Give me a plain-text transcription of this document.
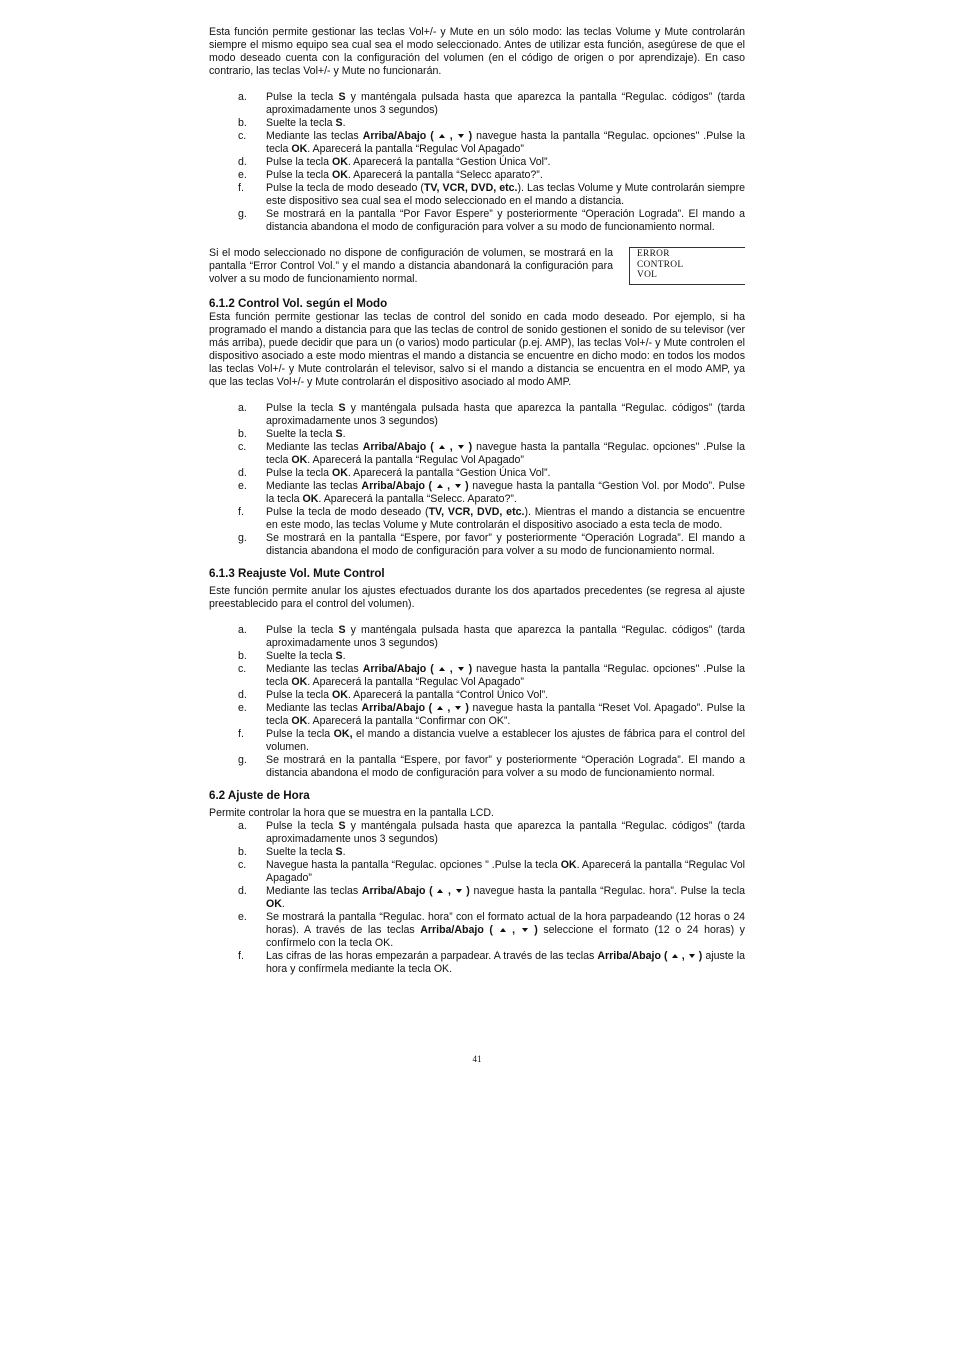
Esta función permite gestionar las teclas Vol+/- y Mute en un sólo modo: las teclas Volume y Mute controlarán siempre el mismo equipo sea cual sea el modo seleccionado. Antes de utilizar esta función, asegúrese de que el modo deseado cuenta con la configuración del volumen (en el código de origen o por aprendizaje). En caso contrario, las teclas Vol+/- y Mute no funcionarán.

a. Pulse la tecla S y manténgala pulsada hasta que aparezca la pantalla “Regulac. códigos” (tarda aproximadamente unos 3 segundos)
b. Suelte la tecla S.
c. Mediante las teclas Arriba/Abajo (  ,  ) navegue hasta la pantalla “Regulac. opciones" .Pulse la tecla OK. Aparecerá la pantalla “Regulac Vol Apagado”
d. Pulse la tecla OK. Aparecerá la pantalla “Gestion Única Vol”.
e. Pulse la tecla OK. Aparecerá la pantalla “Selecc aparato?”.
f. Pulse la tecla de modo deseado (TV, VCR, DVD, etc.). Las teclas Volume y Mute controlarán siempre este dispositivo sea cual sea el modo seleccionado en el mando a distancia.
g. Se mostrará en la pantalla “Por Favor Espere” y posteriormente “Operación Lograda”. El mando a distancia abandona el modo de configuración para volver a su modo de funcionamiento normal.

Si el modo seleccionado no dispone de configuración de volumen, se mostrará en la pantalla “Error Control Vol.” y el mando a distancia abandonará la configuración para volver a su modo de funcionamiento normal.

ERROR
CONTROL
VOL
6.1.2 Control Vol. según el Modo

Esta función permite gestionar las teclas de control del sonido en cada modo deseado. Por ejemplo, si ha programado el mando a distancia para que las teclas de control de sonido gestionen el sonido de su televisor (ver más arriba), puede decidir que para un (o varios) modo particular (p.ej. AMP), las teclas Vol+/- y Mute controlen el dispositivo asociado a este modo mientras el mando a distancia se encuentre en dicho modo: en todos los modos las teclas Vol+/- y Mute controlarán el televisor, salvo si el mando a distancia se encuentra en el modo AMP, ya que las teclas Vol+/- y Mute controlarán el dispositivo asociado al modo AMP.

a. Pulse la tecla S y manténgala pulsada hasta que aparezca la pantalla “Regulac. códigos” (tarda aproximadamente unos 3 segundos)
b. Suelte la tecla S.
c. Mediante las teclas Arriba/Abajo (  ,  ) navegue hasta la pantalla “Regulac. opciones" .Pulse la tecla OK. Aparecerá la pantalla “Regulac Vol Apagado”
d. Pulse la tecla OK. Aparecerá la pantalla “Gestion Única Vol”.
e. Mediante las teclas Arriba/Abajo (  ,  ) navegue hasta la pantalla “Gestion Vol. por Modo”. Pulse la tecla OK. Aparecerá la pantalla “Selecc. Aparato?”.
f. Pulse la tecla de modo deseado (TV, VCR, DVD, etc.). Mientras el mando a distancia se encuentre en este modo, las teclas Volume y Mute controlarán el dispositivo asociado a esta tecla de modo.
g. Se mostrará en la pantalla “Espere, por favor” y posteriormente “Operación Lograda”. El mando a distancia abandona el modo de configuración para volver a su modo de funcionamiento normal.
6.1.3 Reajuste Vol. Mute Control

Este función permite anular los ajustes efectuados durante los dos apartados precedentes (se regresa al ajuste preestablecido para el control del volumen).

a. Pulse la tecla S y manténgala pulsada hasta que aparezca la pantalla “Regulac. códigos” (tarda aproximadamente unos 3 segundos)
b. Suelte la tecla S.
c. Mediante las teclas Arriba/Abajo (  ,  ) navegue hasta la pantalla “Regulac. opciones" .Pulse la tecla OK. Aparecerá la pantalla “Regulac Vol Apagado”
d. Pulse la tecla OK. Aparecerá la pantalla “Control Único Vol”.
e. Mediante las teclas Arriba/Abajo (  ,  ) navegue hasta la pantalla “Reset Vol. Apagado”. Pulse la tecla OK. Aparecerá la pantalla “Confirmar con OK”.
f. Pulse la tecla OK, el mando a distancia vuelve a establecer los ajustes de fábrica para el control del volumen.
g. Se mostrará en la pantalla “Espere, por favor” y posteriormente “Operación Lograda”. El mando a distancia abandona el modo de configuración para volver a su modo de funcionamiento normal.
6.2 Ajuste de Hora

Permite controlar la hora que se muestra en la pantalla LCD.

a. Pulse la tecla S y manténgala pulsada hasta que aparezca la pantalla “Regulac. códigos” (tarda aproximadamente unos 3 segundos)
b. Suelte la tecla S.
c. Navegue hasta la pantalla “Regulac. opciones " .Pulse la tecla OK. Aparecerá la pantalla “Regulac Vol Apagado”
d. Mediante las teclas Arriba/Abajo (  ,  ) navegue hasta la pantalla “Regulac. hora”. Pulse la tecla OK.
e. Se mostrará la pantalla “Regulac. hora” con el formato actual de la hora parpadeando (12 horas o 24 horas). A través de las teclas Arriba/Abajo (  ,  ) seleccione el formato (12 o 24 horas) y confírmelo con la tecla OK.
f. Las cifras de las horas empezarán a parpadear. A través de las teclas Arriba/Abajo (  ,  ) ajuste la hora y confírmela mediante la tecla OK.
41
